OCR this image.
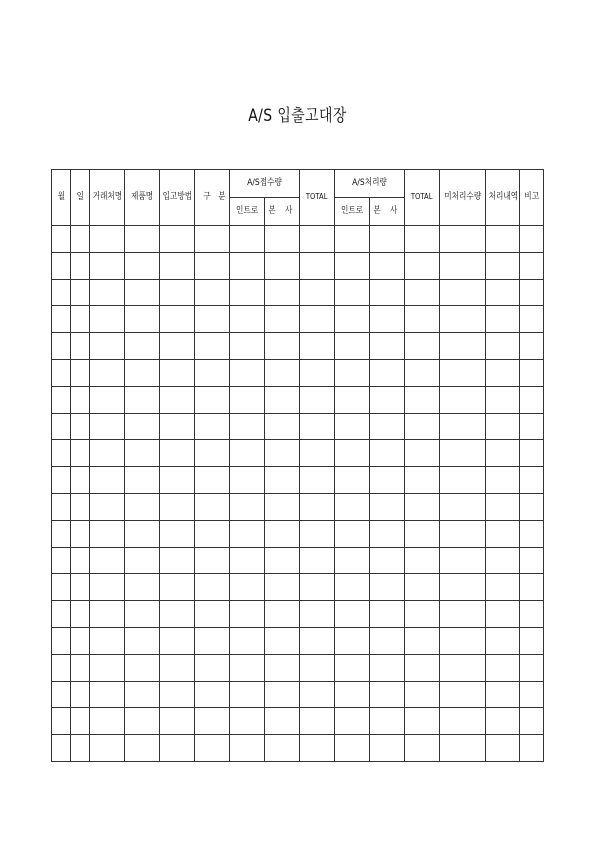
A/S 입출고대장
월	일	거래처명	제품명	입고방법	구 분	A/S접수량		TOTAL	A/S처리량		TOTAL	미처리수량	처리내역	비고
						인트로	본 사		인트로	본 사				
